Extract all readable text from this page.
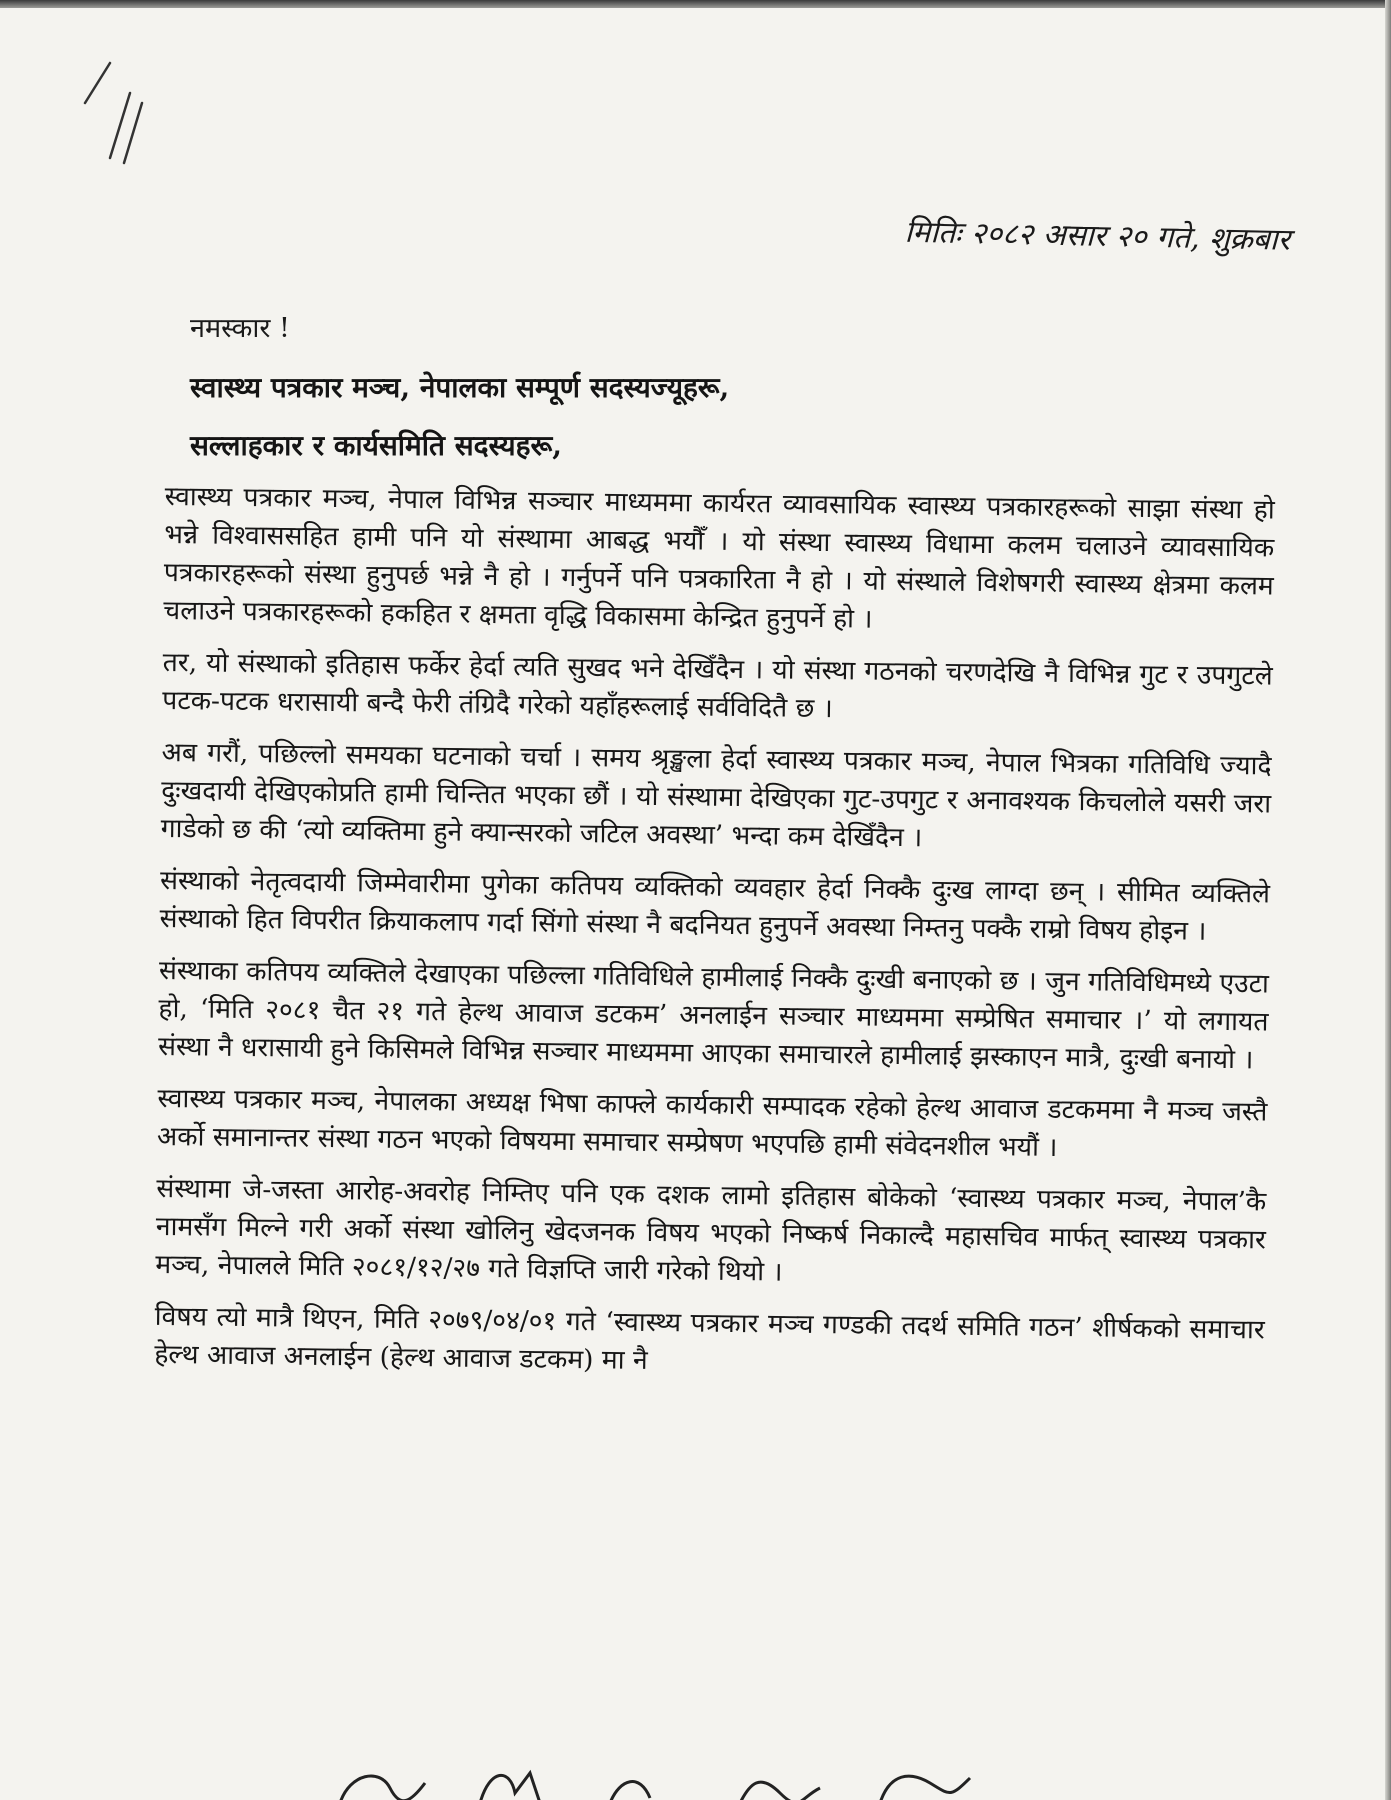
मितिः २०८२ असार २० गते, शुक्रबार
नमस्कार !
स्वास्थ्य पत्रकार मञ्च, नेपालका सम्पूर्ण सदस्यज्यूहरू,
सल्लाहकार र कार्यसमिति सदस्यहरू,

स्वास्थ्य पत्रकार मञ्च, नेपाल विभिन्न सञ्चार माध्यममा कार्यरत व्यावसायिक स्वास्थ्य पत्रकारहरूको साझा संस्था हो भन्ने विश्वाससहित हामी पनि यो संस्थामा आबद्ध भयौँ । यो संस्था स्वास्थ्य विधामा कलम चलाउने व्यावसायिक पत्रकारहरूको संस्था हुनुपर्छ भन्ने नै हो । गर्नुपर्ने पनि पत्रकारिता नै हो । यो संस्थाले विशेषगरी स्वास्थ्य क्षेत्रमा कलम चलाउने पत्रकारहरूको हकहित र क्षमता वृद्धि विकासमा केन्द्रित हुनुपर्ने हो ।

तर, यो संस्थाको इतिहास फर्केर हेर्दा त्यति सुखद भने देखिँदैन । यो संस्था गठनको चरणदेखि नै विभिन्न गुट र उपगुटले पटक-पटक धरासायी बन्दै फेरी तंग्रिदै गरेको यहाँहरूलाई सर्वविदितै छ ।

अब गरौं, पछिल्लो समयका घटनाको चर्चा । समय श्रृङ्खला हेर्दा स्वास्थ्य पत्रकार मञ्च, नेपाल भित्रका गतिविधि ज्यादै दुःखदायी देखिएकोप्रति हामी चिन्तित भएका छौं । यो संस्थामा देखिएका गुट-उपगुट र अनावश्यक किचलोले यसरी जरा गाडेको छ की ‘त्यो व्यक्तिमा हुने क्यान्सरको जटिल अवस्था’ भन्दा कम देखिँदैन ।

संस्थाको नेतृत्वदायी जिम्मेवारीमा पुगेका कतिपय व्यक्तिको व्यवहार हेर्दा निक्कै दुःख लाग्दा छन् । सीमित व्यक्तिले संस्थाको हित विपरीत क्रियाकलाप गर्दा सिंगो संस्था नै बदनियत हुनुपर्ने अवस्था निम्तनु पक्कै राम्रो विषय होइन ।

संस्थाका कतिपय व्यक्तिले देखाएका पछिल्ला गतिविधिले हामीलाई निक्कै दुःखी बनाएको छ । जुन गतिविधिमध्ये एउटा हो, ‘मिति २०८१ चैत २१ गते हेल्थ आवाज डटकम’ अनलाईन सञ्चार माध्यममा सम्प्रेषित समाचार ।’ यो लगायत संस्था नै धरासायी हुने किसिमले विभिन्न सञ्चार माध्यममा आएका समाचारले हामीलाई झस्काएन मात्रै, दुःखी बनायो ।

स्वास्थ्य पत्रकार मञ्च, नेपालका अध्यक्ष भिषा काफ्ले कार्यकारी सम्पादक रहेको हेल्थ आवाज डटकममा नै मञ्च जस्तै अर्को समानान्तर संस्था गठन भएको विषयमा समाचार सम्प्रेषण भएपछि हामी संवेदनशील भयौं ।

संस्थामा जे-जस्ता आरोह-अवरोह निम्तिए पनि एक दशक लामो इतिहास बोकेको ‘स्वास्थ्य पत्रकार मञ्च, नेपाल’कै नामसँग मिल्ने गरी अर्को संस्था खोलिनु खेदजनक विषय भएको निष्कर्ष निकाल्दै महासचिव मार्फत् स्वास्थ्य पत्रकार मञ्च, नेपालले मिति २०८१/१२/२७ गते विज्ञप्ति जारी गरेको थियो ।

विषय त्यो मात्रै थिएन, मिति २०७९/०४/०१ गते ‘स्वास्थ्य पत्रकार मञ्च गण्डकी तदर्थ समिति गठन’ शीर्षकको समाचार हेल्थ आवाज अनलाईन (हेल्थ आवाज डटकम) मा नै
